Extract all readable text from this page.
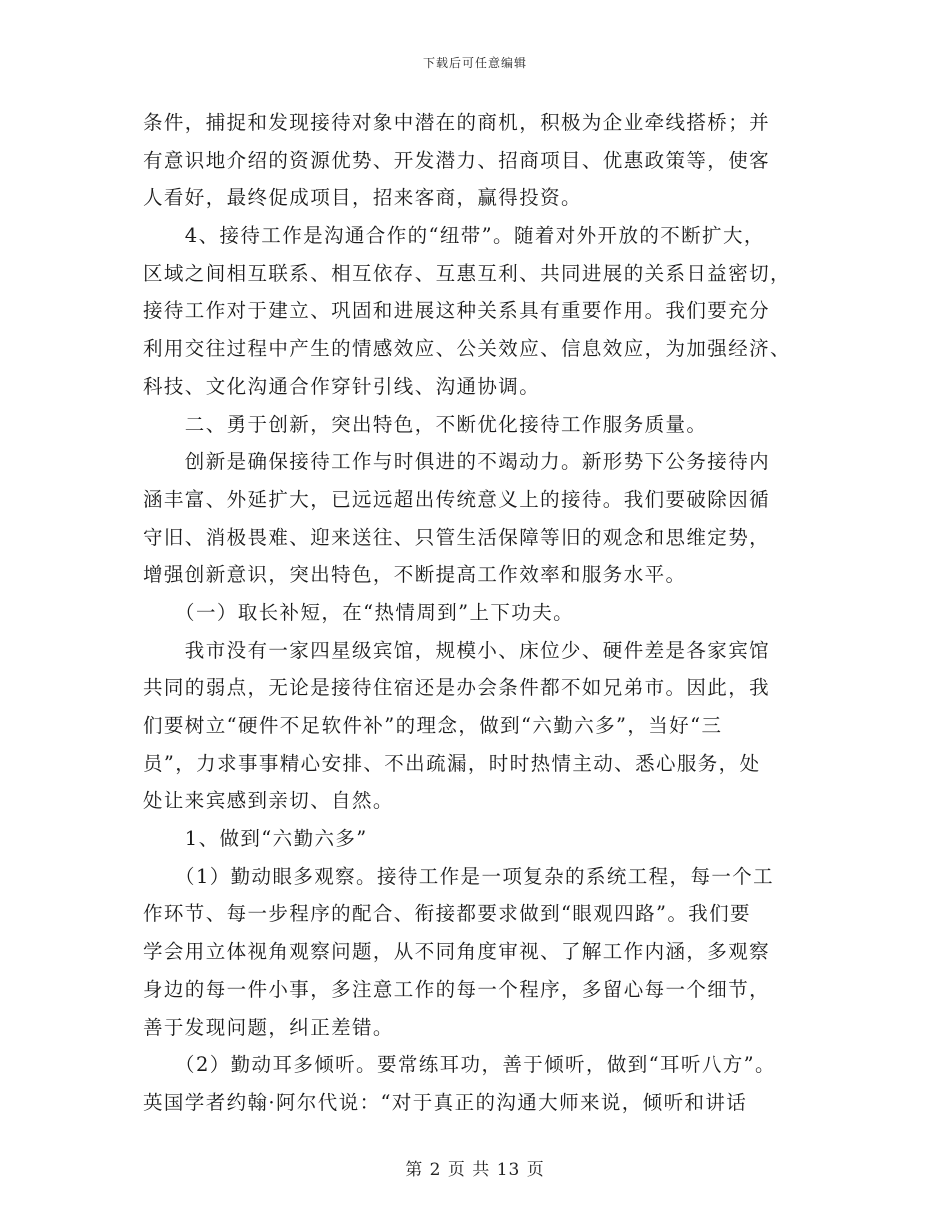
下载后可任意编辑
条件，捕捉和发现接待对象中潜在的商机，积极为企业牵线搭桥；并
有意识地介绍的资源优势、开发潜力、招商项目、优惠政策等，使客
人看好，最终促成项目，招来客商，赢得投资。
　　4、接待工作是沟通合作的“纽带”。随着对外开放的不断扩大，
区域之间相互联系、相互依存、互惠互利、共同进展的关系日益密切，
接待工作对于建立、巩固和进展这种关系具有重要作用。我们要充分
利用交往过程中产生的情感效应、公关效应、信息效应，为加强经济、
科技、文化沟通合作穿针引线、沟通协调。
　　二、勇于创新，突出特色，不断优化接待工作服务质量。
　　创新是确保接待工作与时俱进的不竭动力。新形势下公务接待内
涵丰富、外延扩大，已远远超出传统意义上的接待。我们要破除因循
守旧、消极畏难、迎来送往、只管生活保障等旧的观念和思维定势，
增强创新意识，突出特色，不断提高工作效率和服务水平。
　　（一）取长补短，在“热情周到”上下功夫。
　　我市没有一家四星级宾馆，规模小、床位少、硬件差是各家宾馆
共同的弱点，无论是接待住宿还是办会条件都不如兄弟市。因此，我
们要树立“硬件不足软件补”的理念，做到“六勤六多”，当好“三
员”，力求事事精心安排、不出疏漏，时时热情主动、悉心服务，处
处让来宾感到亲切、自然。
　　1、做到“六勤六多”
　　（1）勤动眼多观察。接待工作是一项复杂的系统工程，每一个工
作环节、每一步程序的配合、衔接都要求做到“眼观四路”。我们要
学会用立体视角观察问题，从不同角度审视、了解工作内涵，多观察
身边的每一件小事，多注意工作的每一个程序，多留心每一个细节，
善于发现问题，纠正差错。
　　（2）勤动耳多倾听。要常练耳功，善于倾听，做到“耳听八方”。
英国学者约翰·阿尔代说：“对于真正的沟通大师来说，倾听和讲话
第 2 页 共 13 页
